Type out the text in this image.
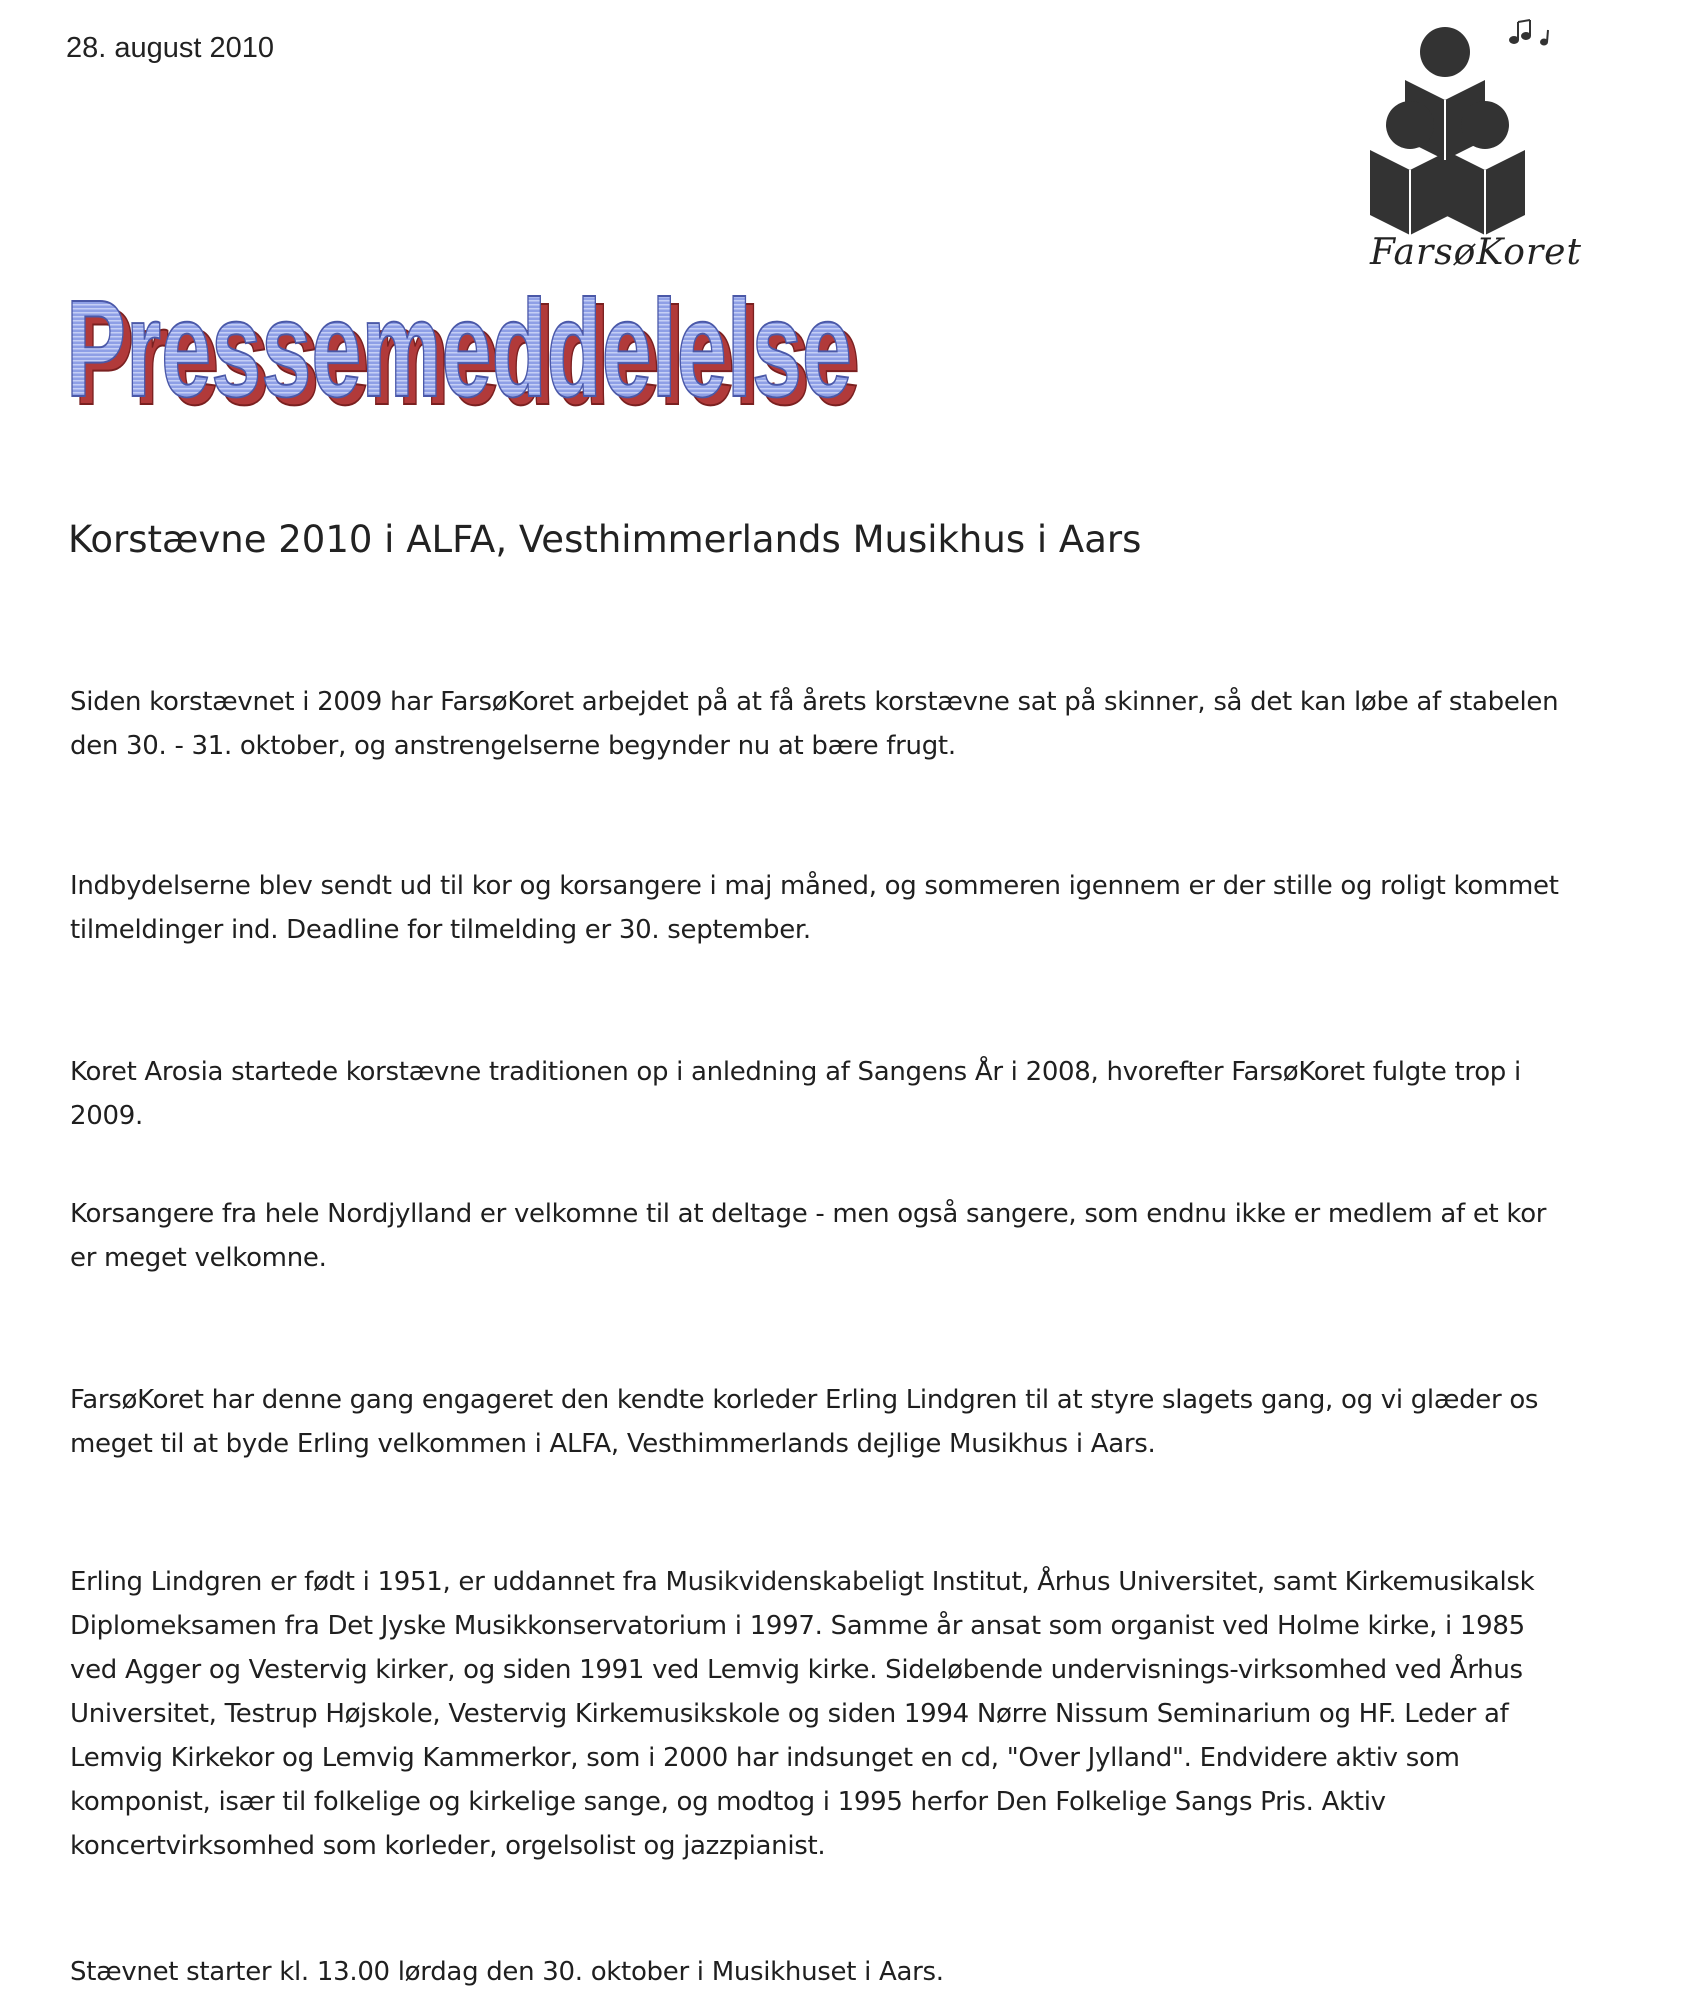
28. august 2010
FarsøKoret
Pressemeddelelse
Pressemeddelelse
Korstævne 2010 i ALFA, Vesthimmerlands Musikhus i Aars
Siden korstævnet i 2009 har FarsøKoret arbejdet på at få årets korstævne sat på skinner, så det kan løbe af stabelen den 30. - 31. oktober, og anstrengelserne begynder nu at bære frugt.
Indbydelserne blev sendt ud til kor og korsangere i maj måned, og sommeren igennem er der stille og roligt kommet tilmeldinger ind. Deadline for tilmelding er 30. september.
Koret Arosia startede korstævne traditionen op i anledning af Sangens År i 2008, hvorefter FarsøKoret fulgte trop i 2009.
Korsangere fra hele Nordjylland er velkomne til at deltage - men også sangere, som endnu ikke er medlem af et kor er meget velkomne.
FarsøKoret har denne gang engageret den kendte korleder Erling Lindgren til at styre slagets gang, og vi glæder os meget til at byde Erling velkommen i ALFA, Vesthimmerlands dejlige Musikhus i Aars.
Erling Lindgren er født i 1951, er uddannet fra Musikvidenskabeligt Institut, Århus Universitet, samt Kirkemusikalsk Diplomeksamen fra Det Jyske Musikkonservatorium i 1997. Samme år ansat som organist ved Holme kirke, i 1985 ved Agger og Vestervig kirker, og siden 1991 ved Lemvig kirke. Sideløbende undervisnings-virksomhed ved Århus Universitet, Testrup Højskole, Vestervig Kirkemusikskole og siden 1994 Nørre Nissum Seminarium og HF. Leder af Lemvig Kirkekor og Lemvig Kammerkor, som i 2000 har indsunget en cd, "Over Jylland". Endvidere aktiv som komponist, især til folkelige og kirkelige sange, og modtog i 1995 herfor Den Folkelige Sangs Pris. Aktiv koncertvirksomhed som korleder, orgelsolist og jazzpianist.
Stævnet starter kl. 13.00 lørdag den 30. oktober i Musikhuset i Aars.
